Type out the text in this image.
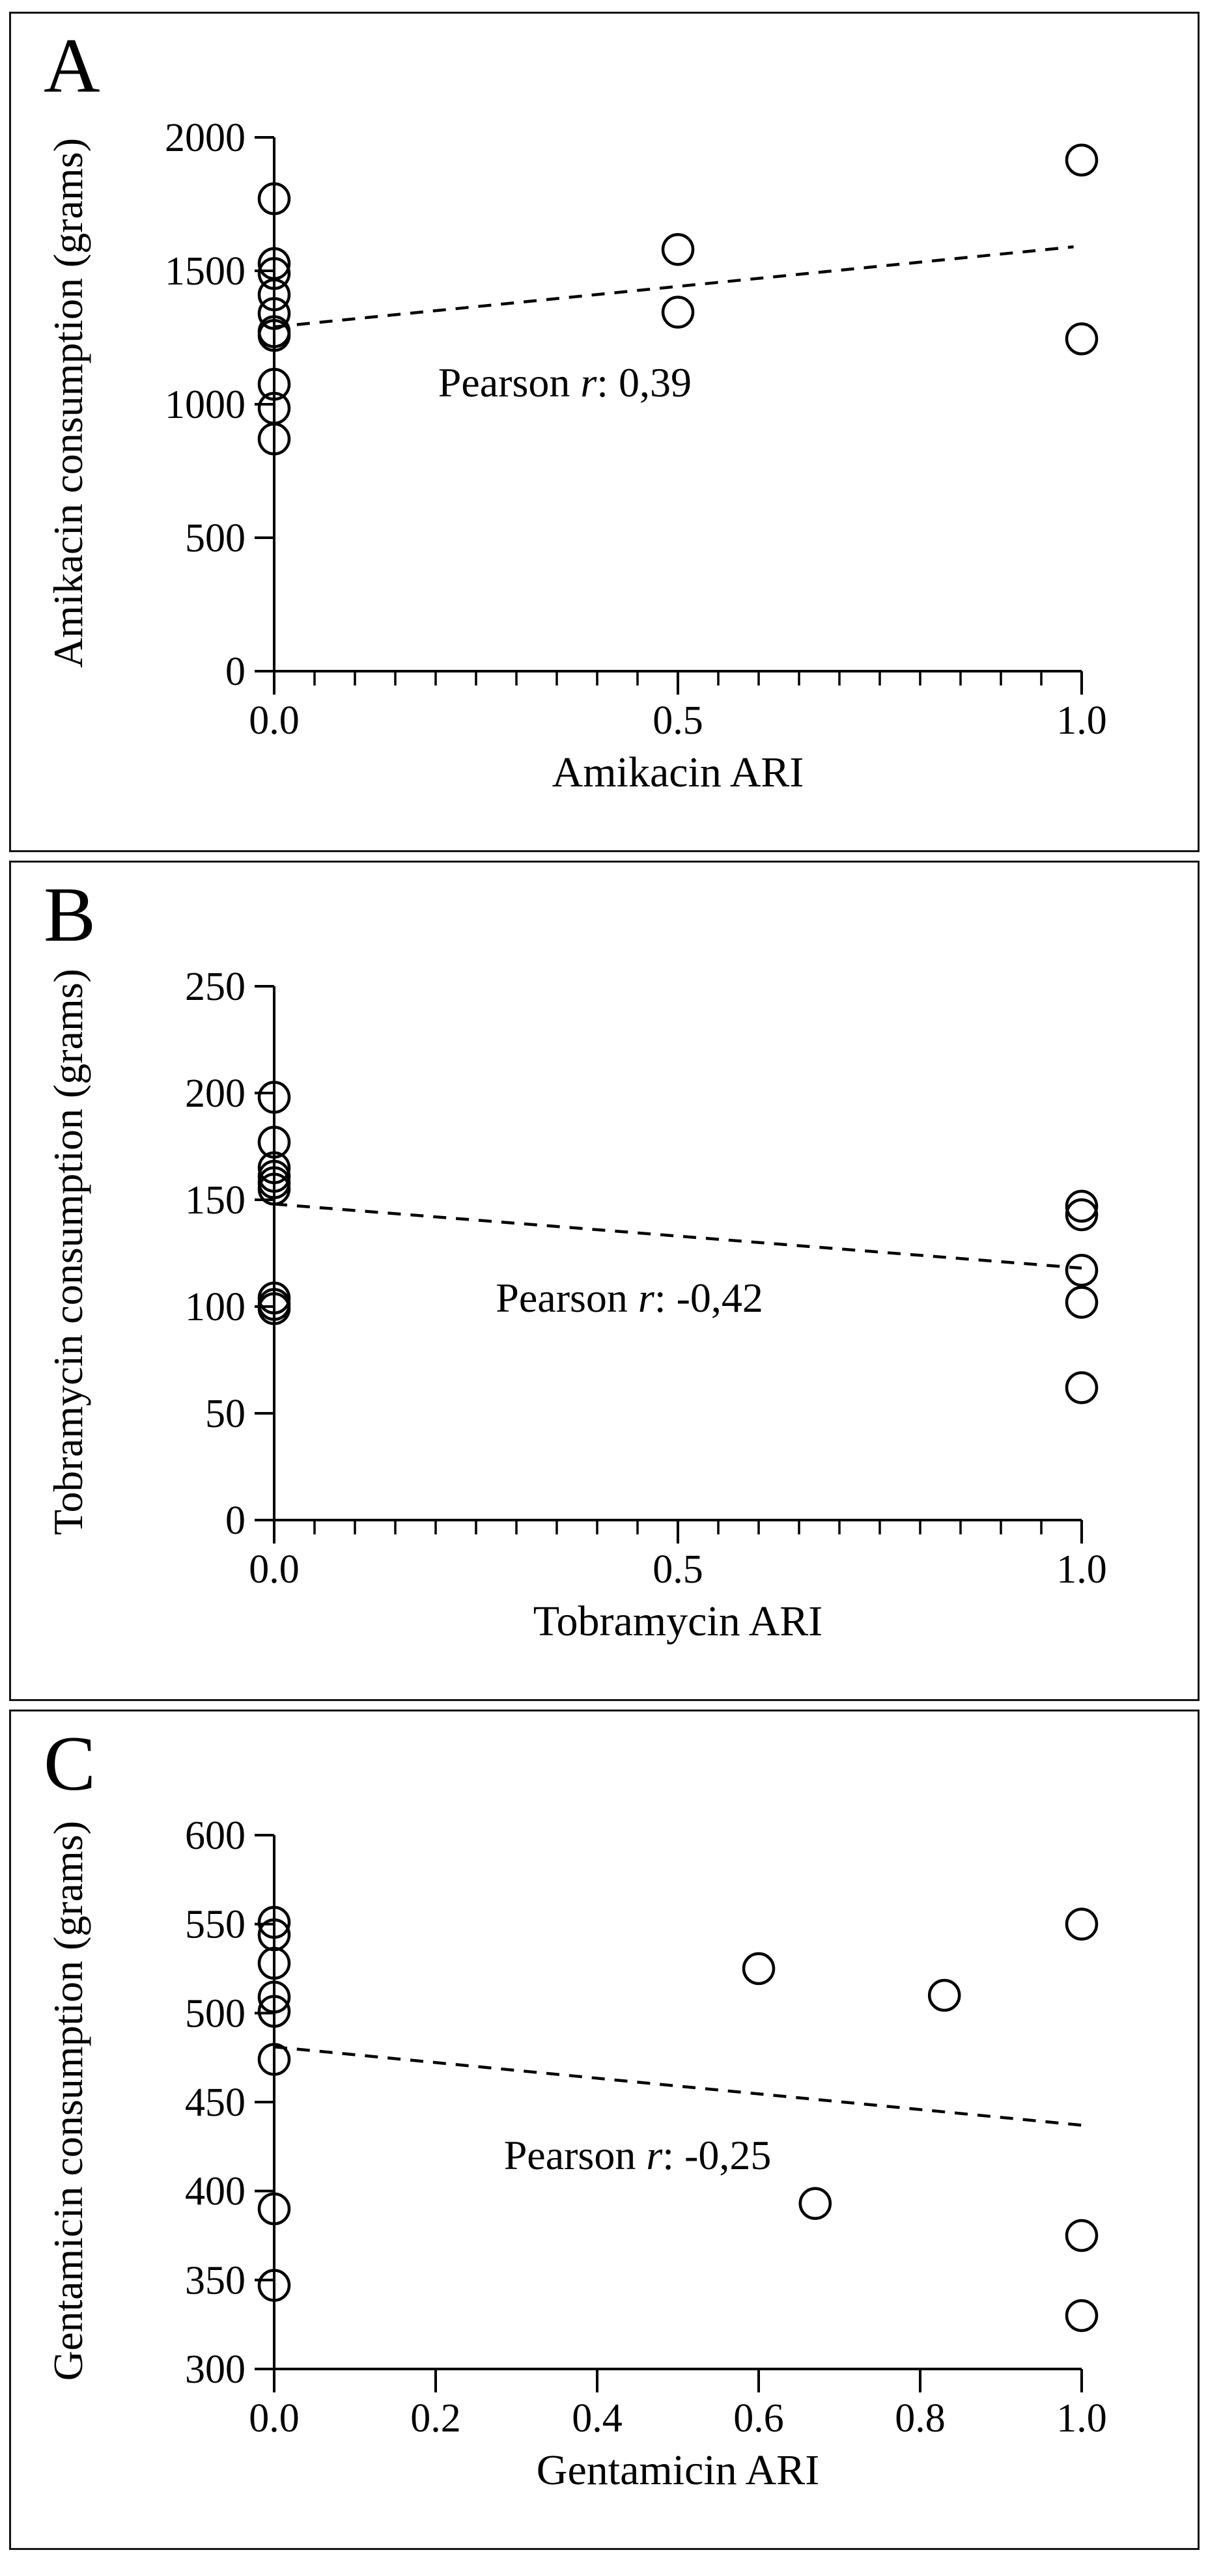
A
Amikacin consumption (grams)
Amikacin ARI
0
500
1000
1500
2000
0.0	0.5	1.0
Pearson r: 0,39
B
Tobramycin consumption (grams)
Tobramycin ARI
0
50
100
150
200
250
0.0	0.5	1.0
Pearson r: -0,42
C
Gentamicin consumption (grams)
Gentamicin ARI
300
350
400
450
500
550
600
0.0	0.2	0.4	0.6	0.8	1.0
Pearson r: -0,25
